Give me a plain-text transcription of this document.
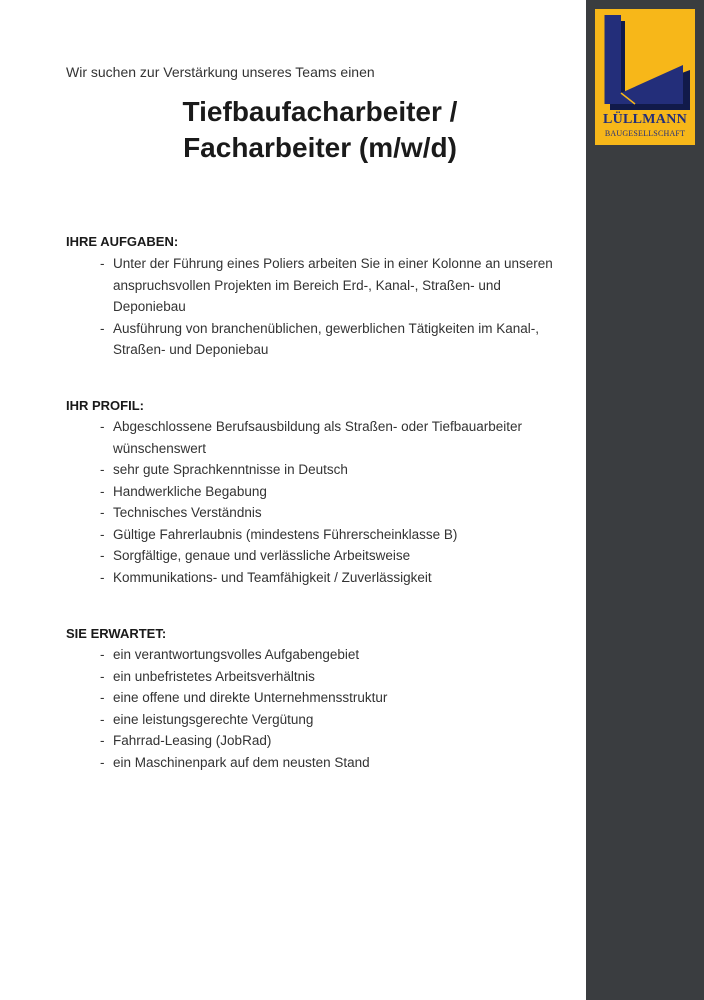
LÜLLMANN
BAUGESELLSCHAFT
Wir suchen zur Verstärkung unseres Teams einen
Tiefbaufacharbeiter /
Facharbeiter (m/w/d)
IHRE AUFGABEN:
- Unter der Führung eines Poliers arbeiten Sie in einer Kolonne an unseren anspruchsvollen Projekten im Bereich Erd-, Kanal-, Straßen- und Deponiebau
- Ausführung von branchenüblichen, gewerblichen Tätigkeiten im Kanal-, Straßen- und Deponiebau
IHR PROFIL:
- Abgeschlossene Berufsausbildung als Straßen- oder Tiefbauarbeiter wünschenswert
- sehr gute Sprachkenntnisse in Deutsch
- Handwerkliche Begabung
- Technisches Verständnis
- Gültige Fahrerlaubnis (mindestens Führerscheinklasse B)
- Sorgfältige, genaue und verlässliche Arbeitsweise
- Kommunikations- und Teamfähigkeit / Zuverlässigkeit
SIE ERWARTET:
- ein verantwortungsvolles Aufgabengebiet
- ein unbefristetes Arbeitsverhältnis
- eine offene und direkte Unternehmensstruktur
- eine leistungsgerechte Vergütung
- Fahrrad-Leasing (JobRad)
- ein Maschinenpark auf dem neusten Stand
